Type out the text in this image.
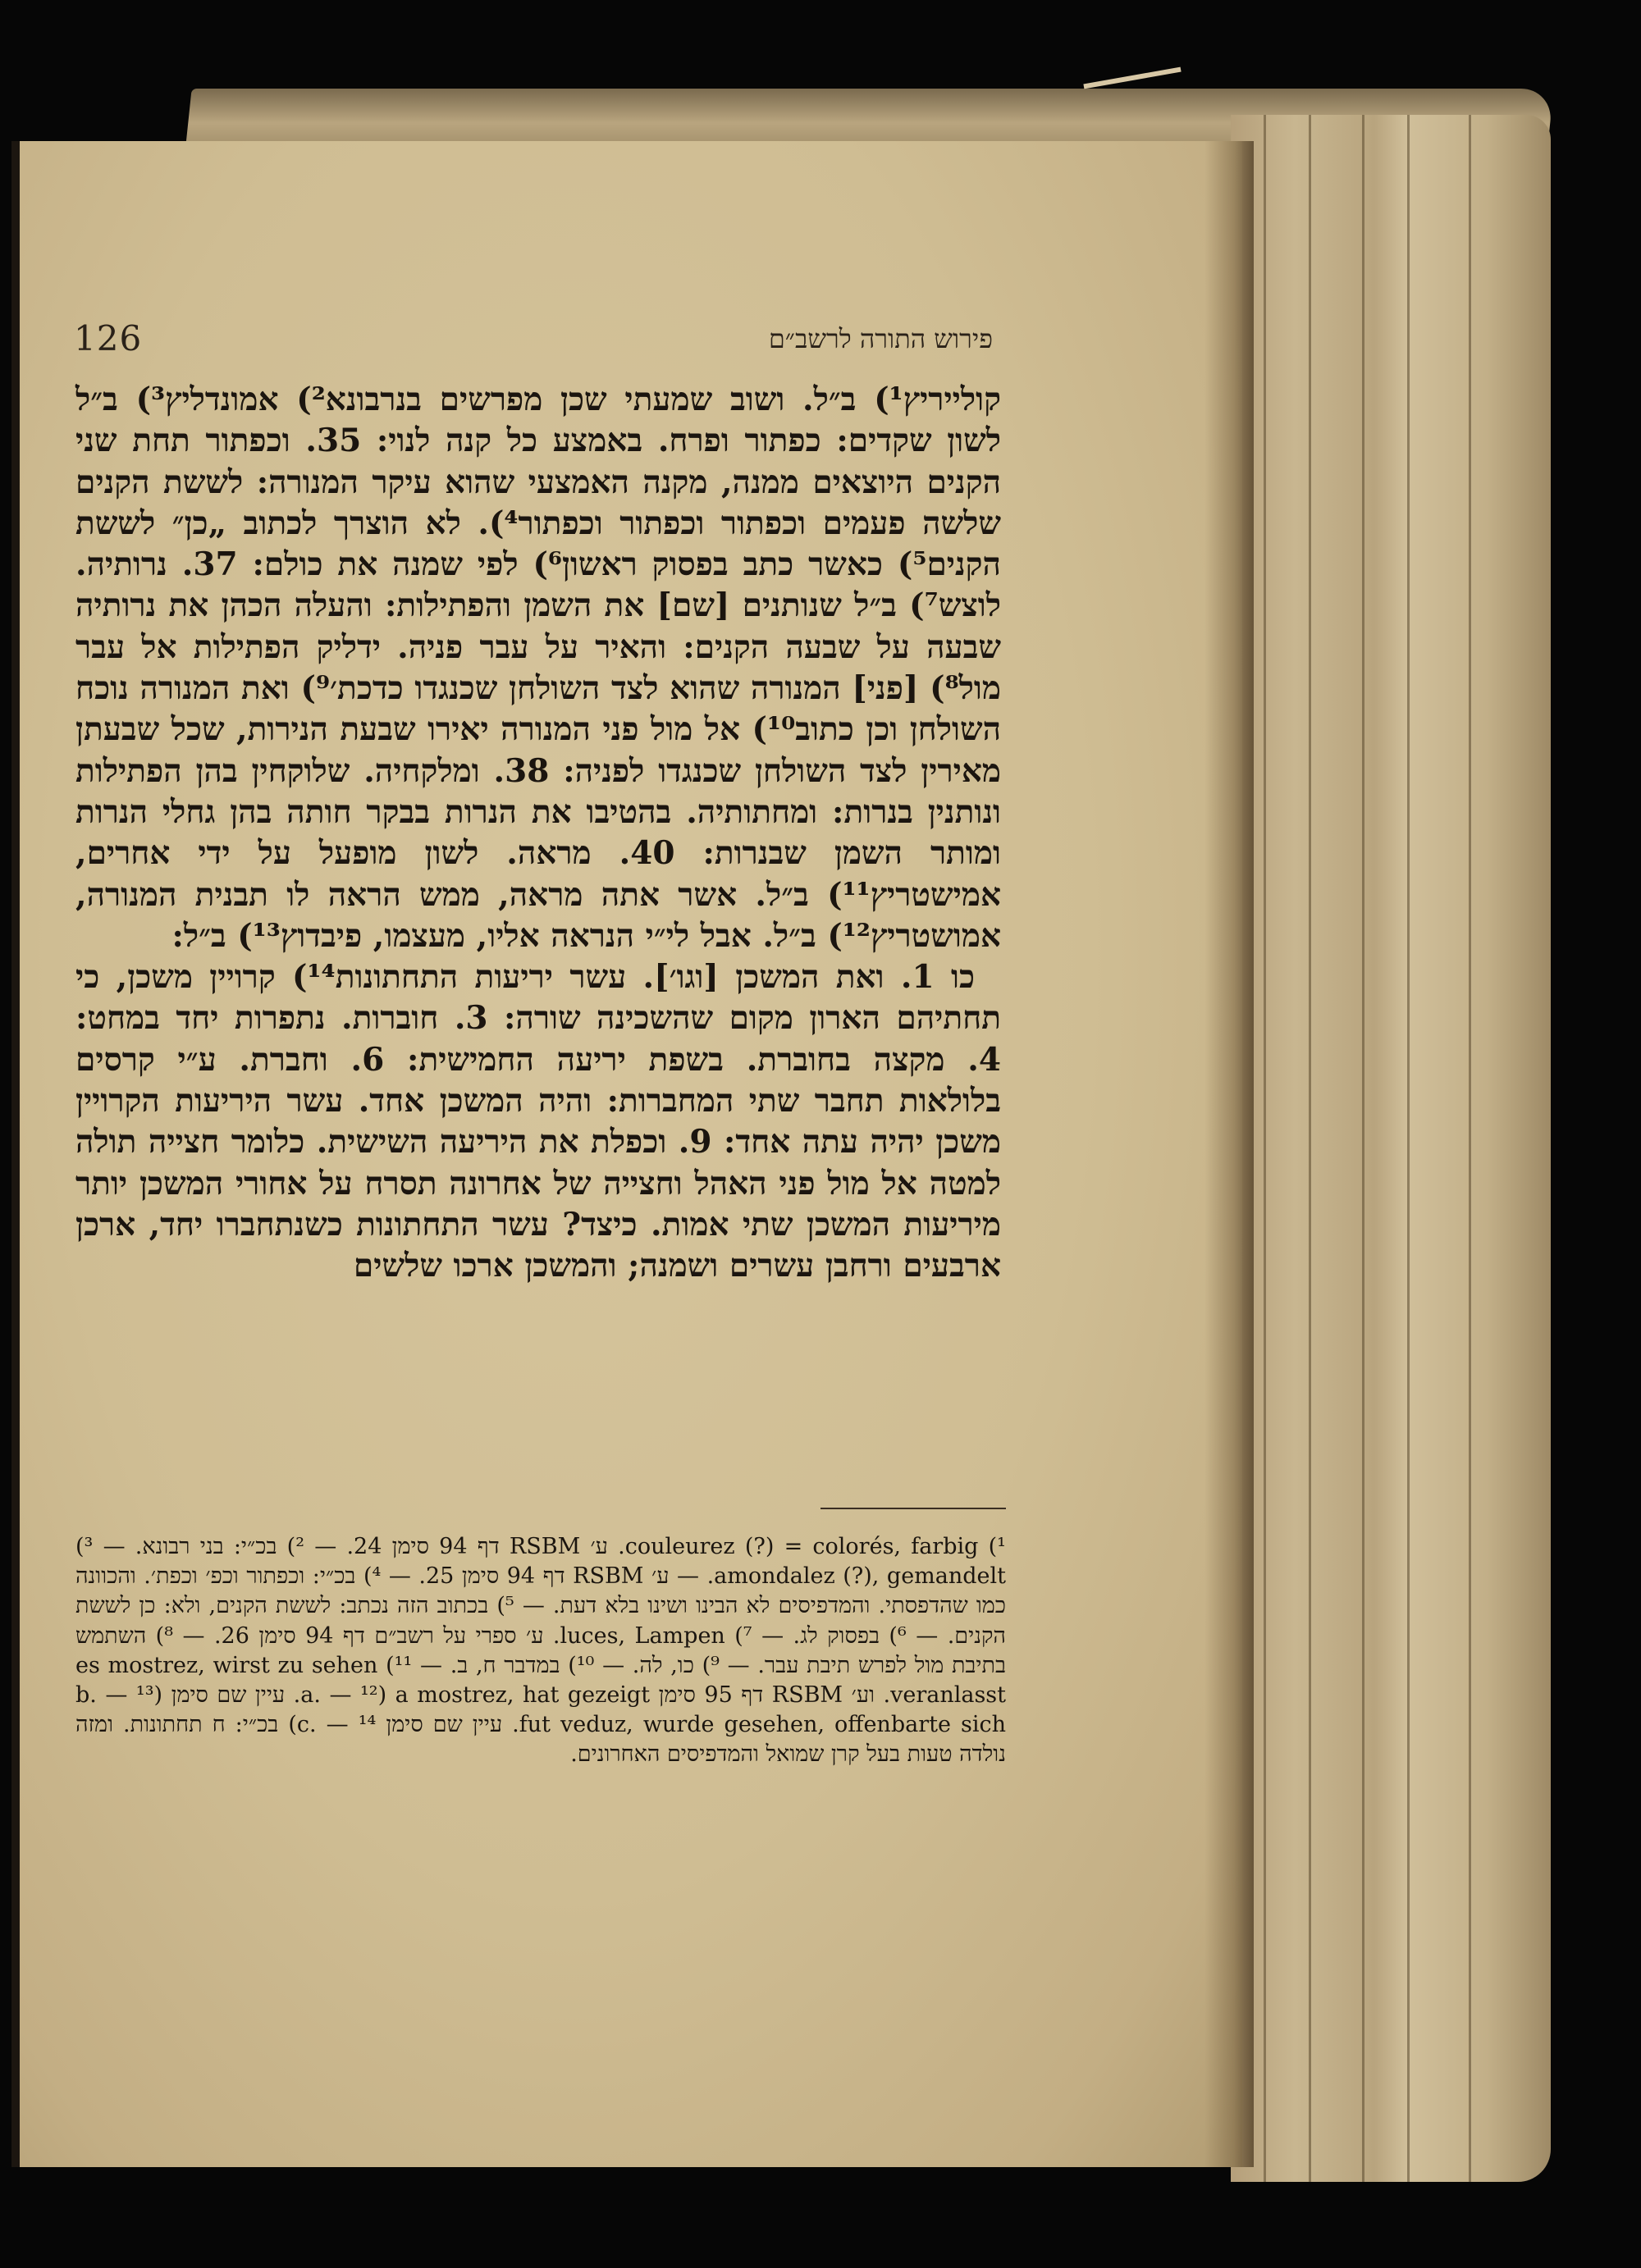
126	פירוש התורה לרשב״ם

קולייריץ¹) ב״ל. ושוב שמעתי שכן מפרשים בנרבונא²) אמונדליץ³) ב״ל לשון שקדים: כפתור ופרח. באמצע כל קנה לנוי: 35. וכפתור תחת שני הקנים היוצאים ממנה, מקנה האמצעי שהוא עיקר המנורה: לששת הקנים שלשה פעמים וכפתור וכפתור וכפתור⁴). לא הוצרך לכתוב „כן״ לששת הקנים⁵) כאשר כתב בפסוק ראשון⁶) לפי שמנה את כולם: 37. נרותיה. לוצש⁷) ב״ל שנותנים [שם] את השמן והפתילות: והעלה הכהן את נרותיה שבעה על שבעה הקנים: והאיר על עבר פניה. ידליק הפתילות אל עבר מול⁸) [פני] המנורה שהוא לצד השולחן שכנגדו כדכת׳⁹) ואת המנורה נוכח השולחן וכן כתוב¹⁰) אל מול פני המנורה יאירו שבעת הנירות, שכל שבעתן מאירין לצד השולחן שכנגדו לפניה: 38. ומלקחיה. שלוקחין בהן הפתילות ונותנין בנרות: ומחתותיה. בהטיבו את הנרות בבקר חותה בהן גחלי הנרות ומותר השמן שבנרות: 40. מראה. לשון מופעל על ידי אחרים, אמישטריץ¹¹) ב״ל. אשר אתה מראה, ממש הראה לו תבנית המנורה, אמושטריץ¹²) ב״ל. אבל לי״י הנראה אליו, מעצמו, פיבדוץ¹³) ב״ל:

כו 1. ואת המשכן [וגו׳]. עשר יריעות התחתונות¹⁴) קרויין משכן, כי תחתיהם הארון מקום שהשכינה שורה: 3. חוברות. נתפרות יחד במחט: 4. מקצה בחוברת. בשפת יריעה החמישית: 6. וחברת. ע״י קרסים בלולאות תחבר שתי המחברות: והיה המשכן אחד. עשר היריעות הקרויין משכן יהיה עתה אחד: 9. וכפלת את היריעה השישית. כלומר חצייה תולה למטה אל מול פני האהל וחצייה של אחרונה תסרח על אחורי המשכן יותר מיריעות המשכן שתי אמות. כיצד? עשר התחתונות כשנתחברו יחד, ארכן ארבעים ורחבן עשרים ושמנה; והמשכן ארכו שלשים

¹) couleurez (?) = colorés, farbig. ע׳ RSBM דף 94 סימן 24. — ²) בכ״י: בני רבונא. — ³) amondalez (?), gemandelt. — ע׳ RSBM דף 94 סימן 25. — ⁴) בכ״י: וכפתור וכפ׳ וכפת׳. והכוונה כמו שהדפסתי. והמדפיסים לא הבינו ושינו בלא דעת. — ⁵) בכתוב הזה נכתב: לששת הקנים, ולא: כן לששת הקנים. — ⁶) בפסוק לג. — ⁷) luces, Lampen. ע׳ ספרי על רשב״ם דף 94 סימן 26. — ⁸) השתמש בתיבת מול לפרש תיבת עבר. — ⁹) כו, לה. — ¹⁰) במדבר ח, ב. — ¹¹) es mostrez, wirst zu sehen veranlasst. וע׳ RSBM דף 95 סימן a. — ¹²) a mostrez, hat gezeigt. עיין שם סימן b. — ¹³) fut veduz, wurde gesehen, offenbarte sich. עיין שם סימן c. — ¹⁴) בכ״י: ח תחתונות. ומזה נולדה טעות בעל קרן שמואל והמדפיסים האחרונים.
